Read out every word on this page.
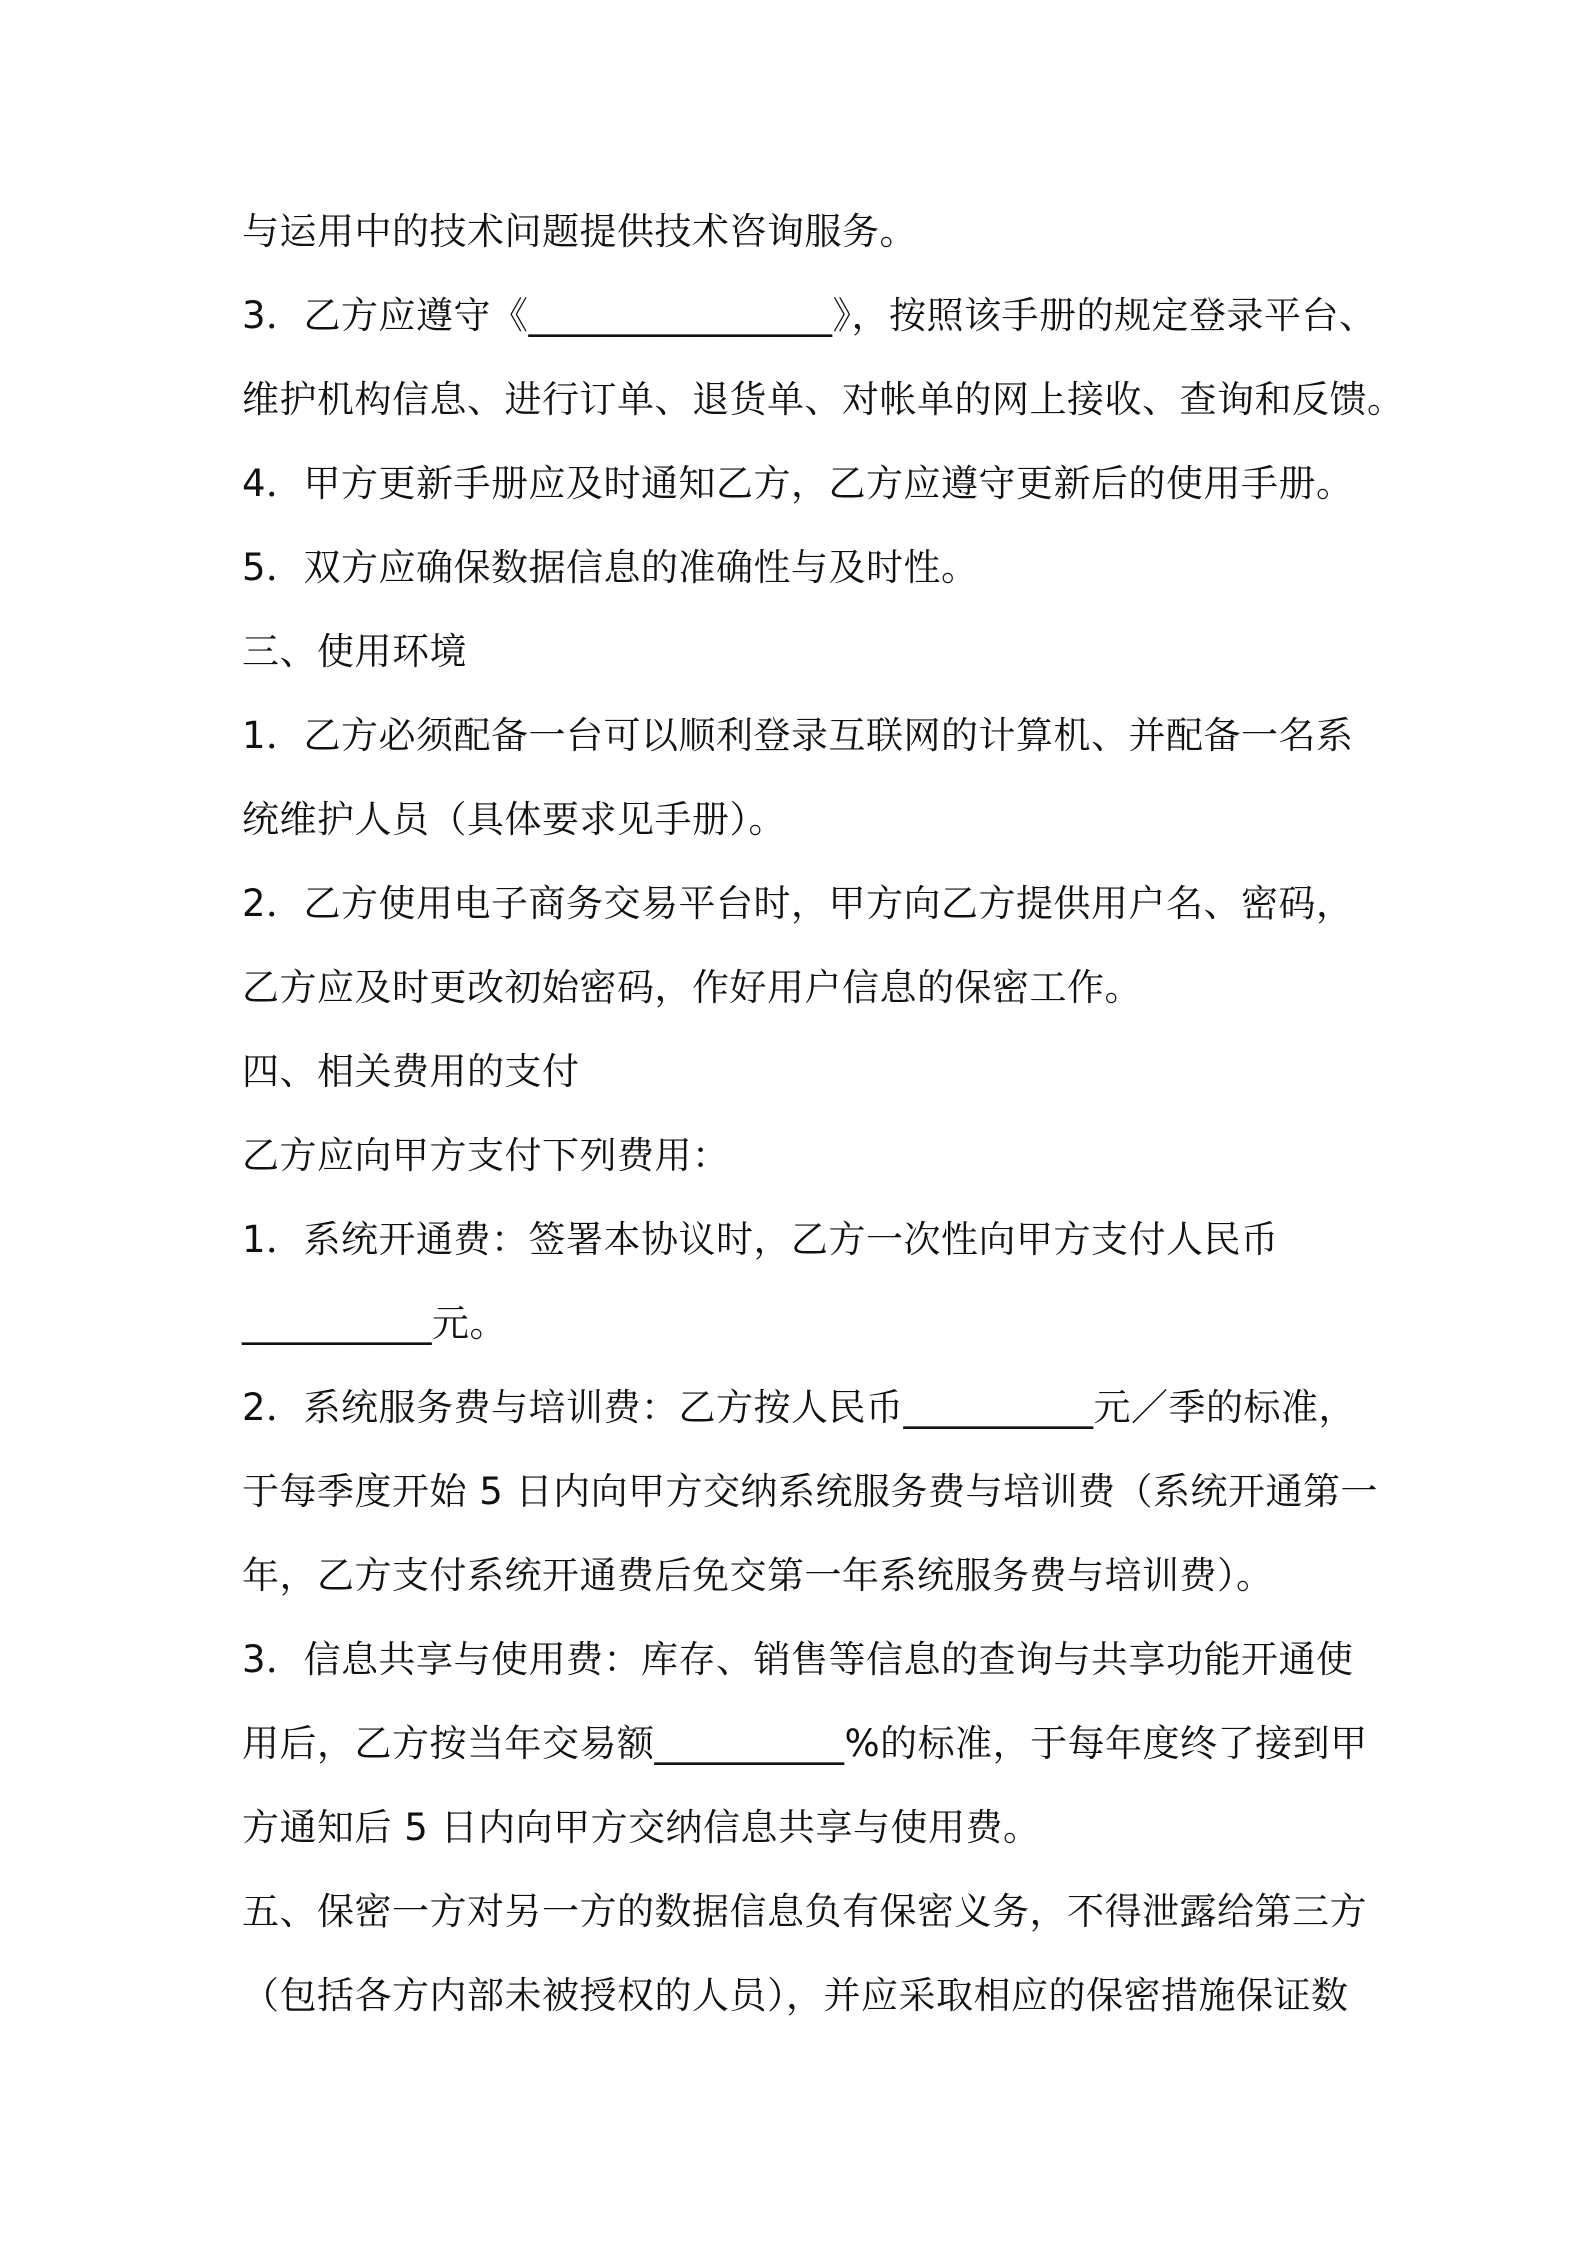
与运用中的技术问题提供技术咨询服务。
3．乙方应遵守《________________》，按照该手册的规定登录平台、
维护机构信息、进行订单、退货单、对帐单的网上接收、查询和反馈。
4．甲方更新手册应及时通知乙方，乙方应遵守更新后的使用手册。
5．双方应确保数据信息的准确性与及时性。
三、使用环境
1．乙方必须配备一台可以顺利登录互联网的计算机、并配备一名系
统维护人员（具体要求见手册）。
2．乙方使用电子商务交易平台时，甲方向乙方提供用户名、密码，
乙方应及时更改初始密码，作好用户信息的保密工作。
四、相关费用的支付
乙方应向甲方支付下列费用：
1．系统开通费：签署本协议时，乙方一次性向甲方支付人民币
__________元。
2．系统服务费与培训费：乙方按人民币__________元／季的标准，
于每季度开始 5 日内向甲方交纳系统服务费与培训费（系统开通第一
年，乙方支付系统开通费后免交第一年系统服务费与培训费）。
3．信息共享与使用费：库存、销售等信息的查询与共享功能开通使
用后，乙方按当年交易额__________%的标准，于每年度终了接到甲
方通知后 5 日内向甲方交纳信息共享与使用费。
五、保密一方对另一方的数据信息负有保密义务，不得泄露给第三方
（包括各方内部未被授权的人员），并应采取相应的保密措施保证数
